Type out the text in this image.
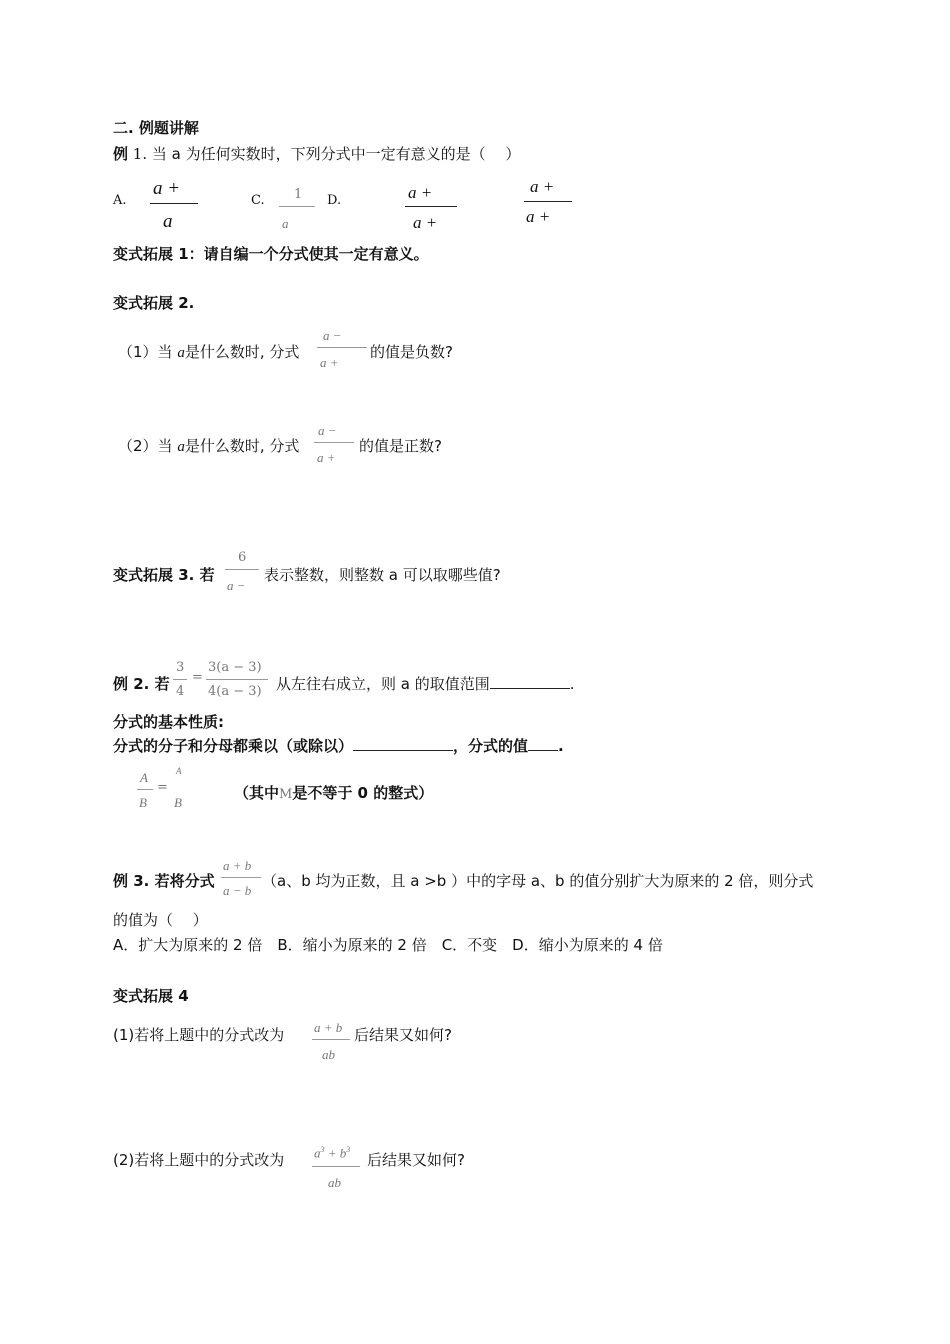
二. 例题讲解
例 1. 当 a 为任何实数时，下列分式中一定有意义的是（　 ）
A.
a +
a
C. 1
a
D.	a +
a +
a +
a +
变式拓展 1：请自编一个分式使其一定有意义。
变式拓展 2.
（1）当 a是什么数时, 分式
a −
a +
的值是负数?
（2）当 a是什么数时, 分式
a −
a +
的值是正数?
变式拓展 3. 若
6
a −
表示整数，则整数 a 可以取哪些值?
例 2. 若
3
4
=
3(a − 3)
4(a − 3) 从左往右成立，则 a 的取值范围	.
分式的基本性质:
分式的分子和分母都乘以（或除以）	，分式的值 .
A
B
=
A
B
（其中M是不等于 0 的整式）
例 3. 若将分式
a + b
a − b
（a、b 均为正数，且 a >b ）中的字母 a、b 的值分别扩大为原来的 2 倍，则分式
的值为（　 ）
A．扩大为原来的 2 倍　B．缩小为原来的 2 倍　C．不变　D．缩小为原来的 4 倍
变式拓展 4
(1)若将上题中的分式改为 a + b
ab
后结果又如何?
(2)若将上题中的分式改为 $a^3 + b^3$
ab
后结果又如何?
